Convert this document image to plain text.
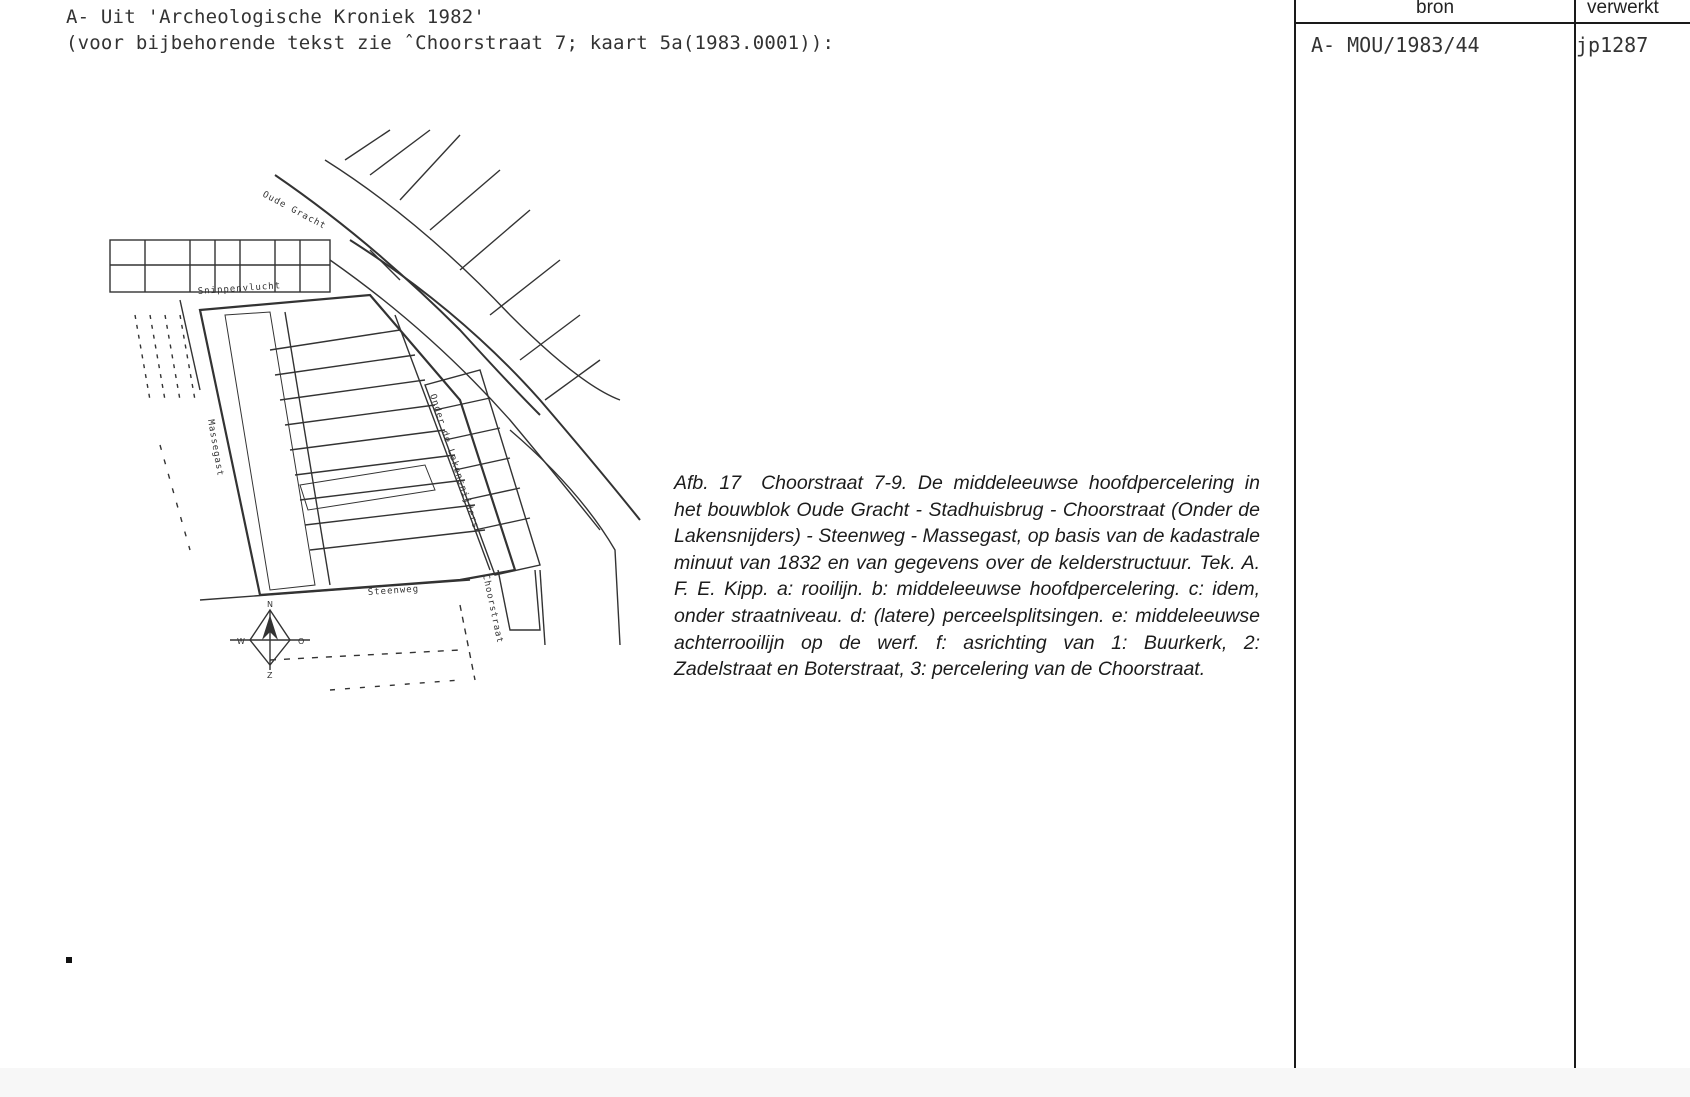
A- Uit 'Archeologische Kroniek 1982'
(voor bijbehorende tekst zie ˆChoorstraat 7; kaart 5a(1983.0001)):
bron	verwerkt
A- MOU/1983/44	jp1287
Oude Gracht
Snippenvlucht
Massegast
Steenweg	Choorstraat
Onder de Lakensnijders
W	O
N
Z
Afb. 17 Choorstraat 7-9. De middeleeuwse hoofdpercelering in het bouwblok Oude Gracht - Stadhuisbrug - Choorstraat (Onder de Lakensnijders) - Steenweg - Massegast, op basis van de kadastrale minuut van 1832 en van gegevens over de kelderstructuur. Tek. A. F. E. Kipp. a: rooilijn. b: middeleeuwse hoofdpercelering. c: idem, onder straatniveau. d: (latere) perceelsplitsingen. e: middeleeuwse achterrooilijn op de werf. f: asrichting van 1: Buurkerk, 2: Zadelstraat en Boterstraat, 3: percelering van de Choorstraat.
